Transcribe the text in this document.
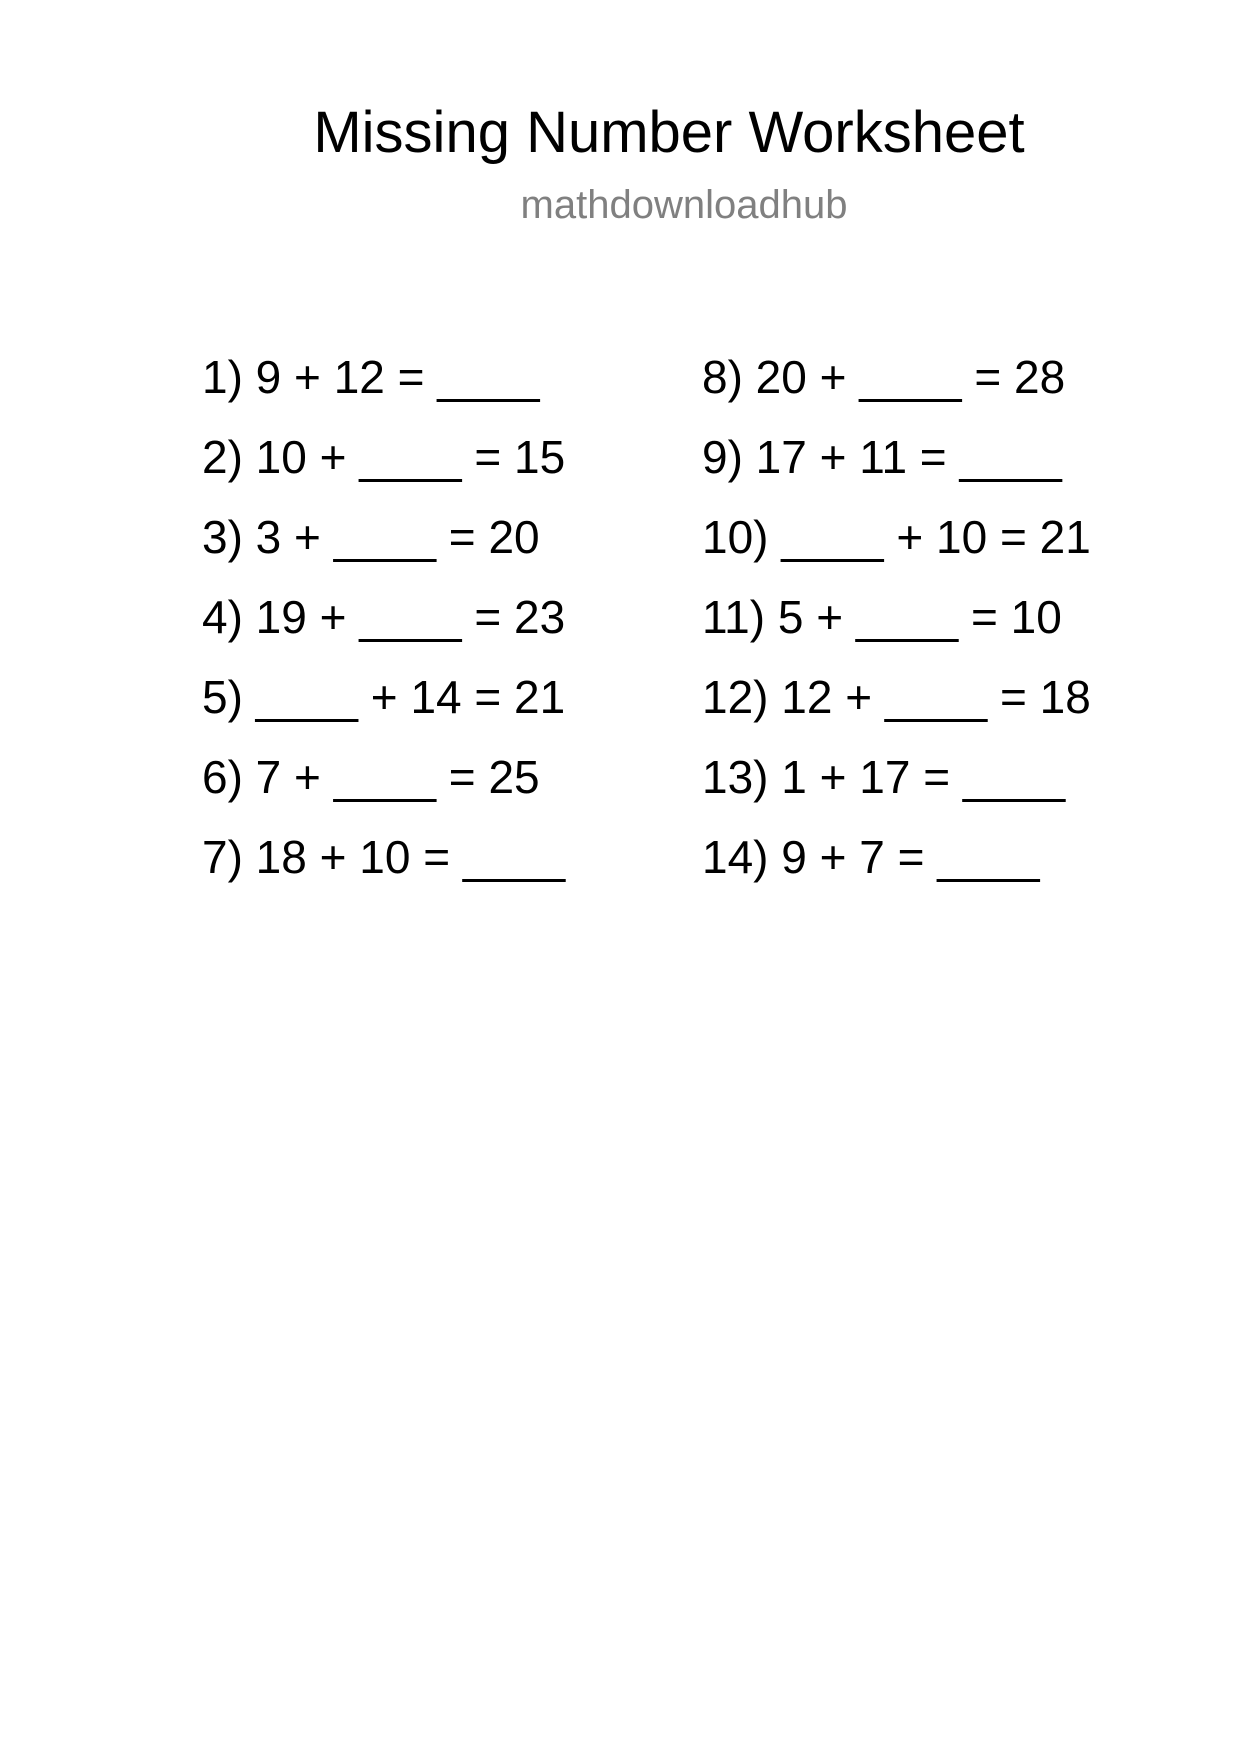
Missing Number Worksheet
mathdownloadhub
1) 9 + 12 = ____
2) 10 + ____ = 15
3) 3 + ____ = 20
4) 19 + ____ = 23
5) ____ + 14 = 21
6) 7 + ____ = 25
7) 18 + 10 = ____
8) 20 + ____ = 28
9) 17 + 11 = ____
10) ____ + 10 = 21
11) 5 + ____ = 10
12) 12 + ____ = 18
13) 1 + 17 = ____
14) 9 + 7 = ____
